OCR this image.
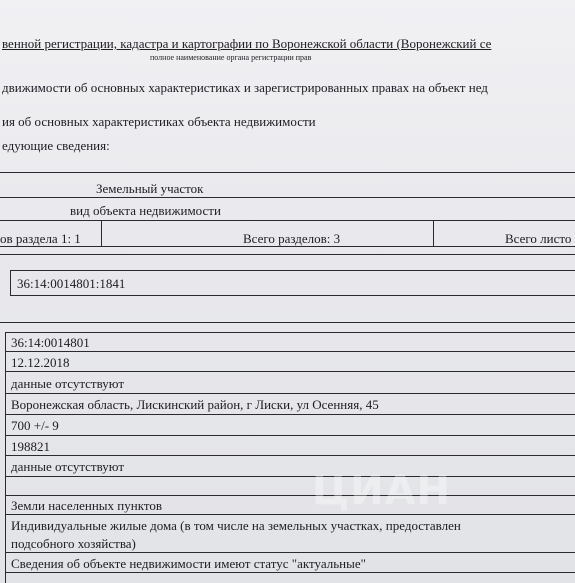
венной регистрации, кадастра и картографии по Воронежской области (Воронежский се
полное наименование органа регистрации прав
движимости об основных характеристиках и зарегистрированных правах на объект нед
ия об основных характеристиках объекта недвижимости
едующие сведения:
Земельный участок
вид объекта недвижимости
ов раздела 1: 1	Всего разделов: 3	Всего листо
36:14:0014801:1841
36:14:0014801
12.12.2018
данные отсутствуют
Воронежская область, Лискинский район, г Лиски, ул Осенняя, 45
700 +/- 9
198821
данные отсутствуют
Земли населенных пунктов
Индивидуальные жилые дома (в том числе на земельных участках, предоставлен
подсобного хозяйства)
Сведения об объекте недвижимости имеют статус "актуальные"
ЦИАН
